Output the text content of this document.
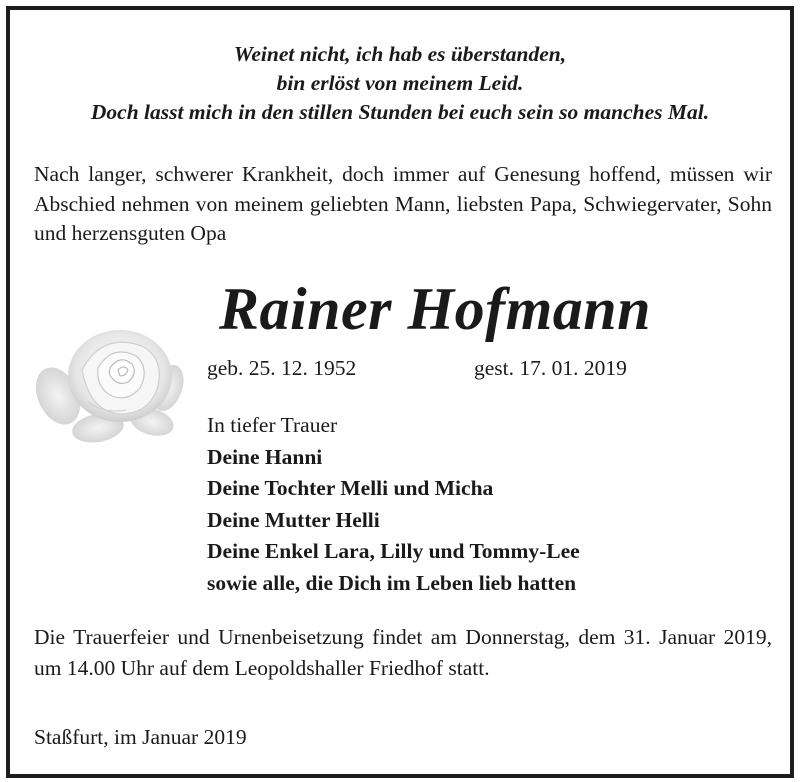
Weinet nicht, ich hab es überstanden,
bin erlöst von meinem Leid.
Doch lasst mich in den stillen Stunden bei euch sein so manches Mal.
Nach langer, schwerer Krankheit, doch immer auf Genesung hoffend, müssen wir Abschied nehmen von meinem geliebten Mann, liebsten Papa, Schwiegervater, Sohn und herzensguten Opa
Rainer Hofmann
geb. 25. 12. 1952	gest. 17. 01. 2019
In tiefer Trauer
Deine Hanni
Deine Tochter Melli und Micha
Deine Mutter Helli
Deine Enkel Lara, Lilly und Tommy-Lee
sowie alle, die Dich im Leben lieb hatten
Die Trauerfeier und Urnenbeisetzung findet am Donnerstag, dem 31. Januar 2019, um 14.00 Uhr auf dem Leopoldshaller Friedhof statt.
Staßfurt, im Januar 2019
